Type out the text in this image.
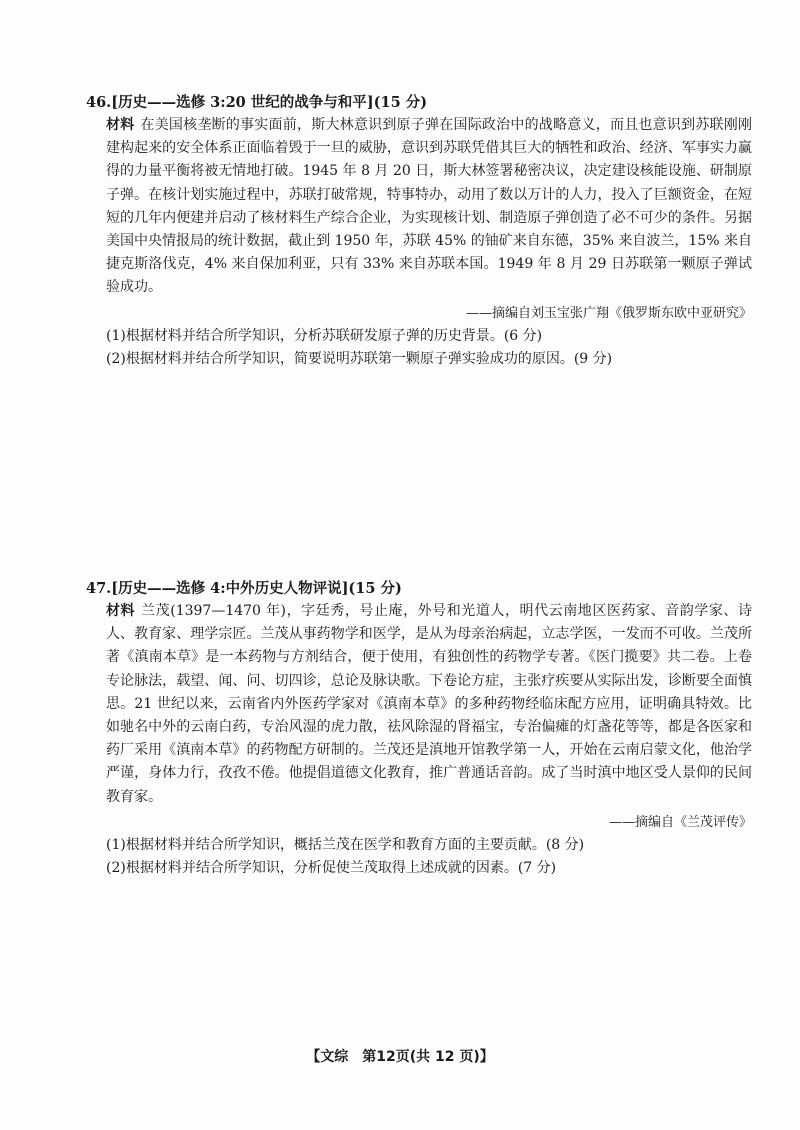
46.[历史——选修 3:20 世纪的战争与和平](15 分)

材料 在美国核垄断的事实面前，斯大林意识到原子弹在国际政治中的战略意义，而且也意识到苏联刚刚建构起来的安全体系正面临着毁于一旦的威胁，意识到苏联凭借其巨大的牺牲和政治、经济、军事实力赢得的力量平衡将被无情地打破。1945 年 8 月 20 日，斯大林签署秘密决议，决定建设核能设施、研制原子弹。在核计划实施过程中，苏联打破常规，特事特办，动用了数以万计的人力，投入了巨额资金，在短短的几年内便建并启动了核材料生产综合企业，为实现核计划、制造原子弹创造了必不可少的条件。另据美国中央情报局的统计数据，截止到 1950 年，苏联 45% 的铀矿来自东德，35% 来自波兰，15% 来自捷克斯洛伐克，4% 来自保加利亚，只有 33% 来自苏联本国。1949 年 8 月 29 日苏联第一颗原子弹试验成功。

——摘编自刘玉宝张广翔《俄罗斯东欧中亚研究》

(1)根据材料并结合所学知识，分析苏联研发原子弹的历史背景。(6 分)

(2)根据材料并结合所学知识，简要说明苏联第一颗原子弹实验成功的原因。(9 分)

47.[历史——选修 4:中外历史人物评说](15 分)

材料 兰茂(1397—1470 年)，字廷秀，号止庵，外号和光道人，明代云南地区医药家、音韵学家、诗人、教育家、理学宗匠。兰茂从事药物学和医学，是从为母亲治病起，立志学医，一发而不可收。兰茂所著《滇南本草》是一本药物与方剂结合，便于使用，有独创性的药物学专著。《医门揽要》共二卷。上卷专论脉法，载望、闻、问、切四诊，总论及脉诀歌。下卷论方症，主张疗疾要从实际出发，诊断要全面慎思。21 世纪以来，云南省内外医药学家对《滇南本草》的多种药物经临床配方应用，证明确具特效。比如驰名中外的云南白药，专治风湿的虎力散，祛风除湿的肾福宝，专治偏瘫的灯盏花等等，都是各医家和药厂采用《滇南本草》的药物配方研制的。兰茂还是滇地开馆教学第一人，开始在云南启蒙文化，他治学严谨，身体力行，孜孜不倦。他提倡道德文化教育，推广普通话音韵。成了当时滇中地区受人景仰的民间教育家。

——摘编自《兰茂评传》

(1)根据材料并结合所学知识，概括兰茂在医学和教育方面的主要贡献。(8 分)

(2)根据材料并结合所学知识，分析促使兰茂取得上述成就的因素。(7 分)

【文综　第12页(共 12 页)】
